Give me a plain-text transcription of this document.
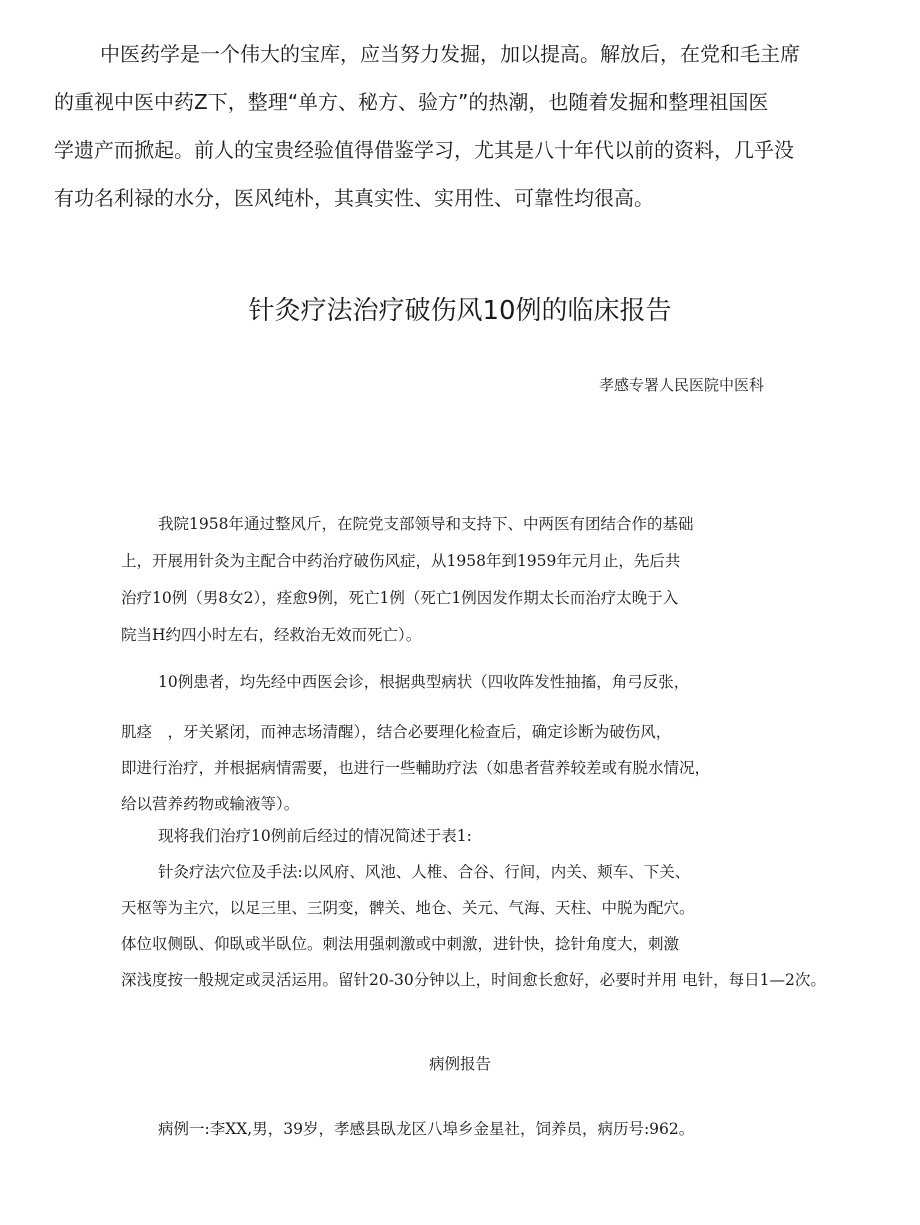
中医药学是一个伟大的宝库，应当努力发掘，加以提高。解放后，在党和毛主席
的重视中医中药Z下，整理“单方、秘方、验方”的热潮，也随着发掘和整理祖国医
学遗产而掀起。前人的宝贵经验值得借鉴学习，尤其是八十年代以前的资料，几乎没
有功名利禄的水分，医风纯朴，其真实性、实用性、可靠性均很高。
针灸疗法治疗破伤风10例的临床报告
孝感专署人民医院中医科
我院1958年通过整风斤，在院党支部领导和支持下、中两医有团结合作的基础
上，开展用针灸为主配合中药治疗破伤风症，从1958年到1959年元月止，先后共
治疗10例（男8女2），痊愈9例，死亡1例（死亡1例因发作期太长而治疗太晚于入
院当H约四小时左右，经救治无效而死亡）。
10例患者，均先经中西医会诊，根据典型病状（四收阵发性抽搐，角弓反张，
肌痉　，牙关紧闭，而神志场清醒），结合必要理化检查后，确定诊断为破伤风，
即进行治疗，并根据病情需要，也进行一些輔助疗法（如患者营养较差或有脱水情况，
给以营养药物或输液等）。
现将我们治疗10例前后经过的情况简述于表1:
针灸疗法穴位及手法:以风府、风池、人椎、合谷、行间，内关、颊车、下关、
天枢等为主穴，以足三里、三阴变，髀关、地仓、关元、气海、天柱、中脱为配穴。
体位収侧臥、仰臥或半臥位。刺法用强刺激或中刺激，进针快，捻针角度大，刺激
深浅度按一般规定或灵活运用。留针20-30分钟以上，时间愈长愈好，必要时并用 电针，每日1—2次。
病例报告
病例一:李XX,男，39岁，孝感县臥龙区八埠乡金星社，饲养员，病历号:962。
